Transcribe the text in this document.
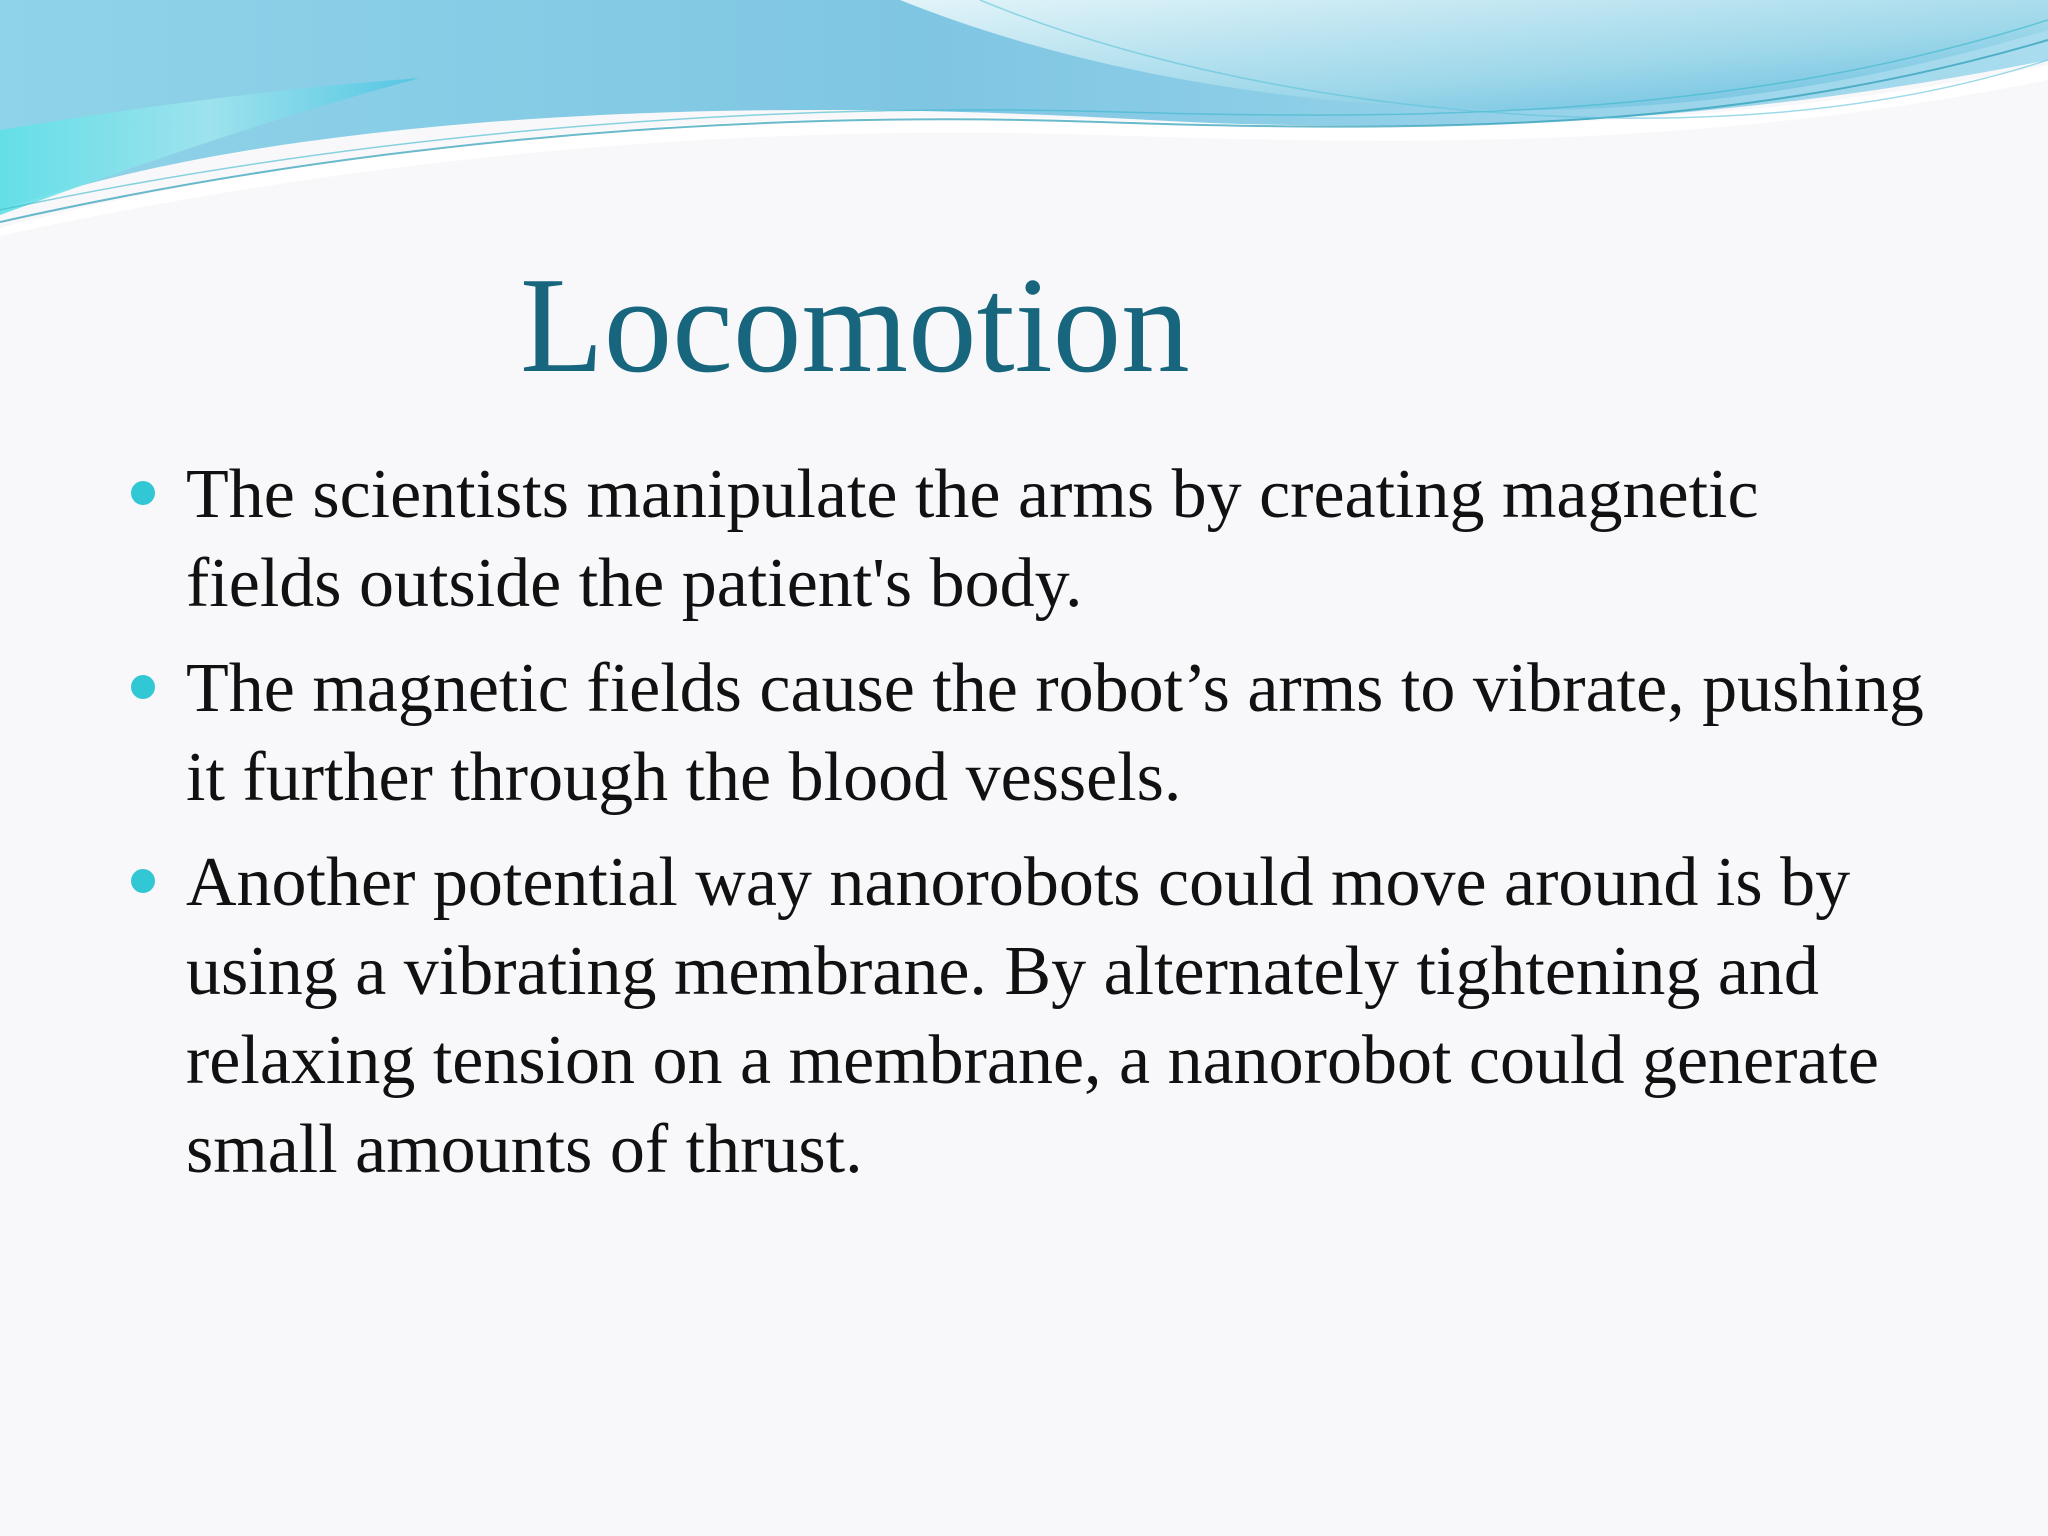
Locomotion
The scientists manipulate the arms by creating magnetic fields outside the patient's body.
The magnetic fields cause the robot’s arms to vibrate, pushing it further through the blood vessels.
Another potential way nanorobots could move around is by using a vibrating membrane. By alternately tightening and relaxing tension on a membrane, a nanorobot could generate small amounts of thrust.
